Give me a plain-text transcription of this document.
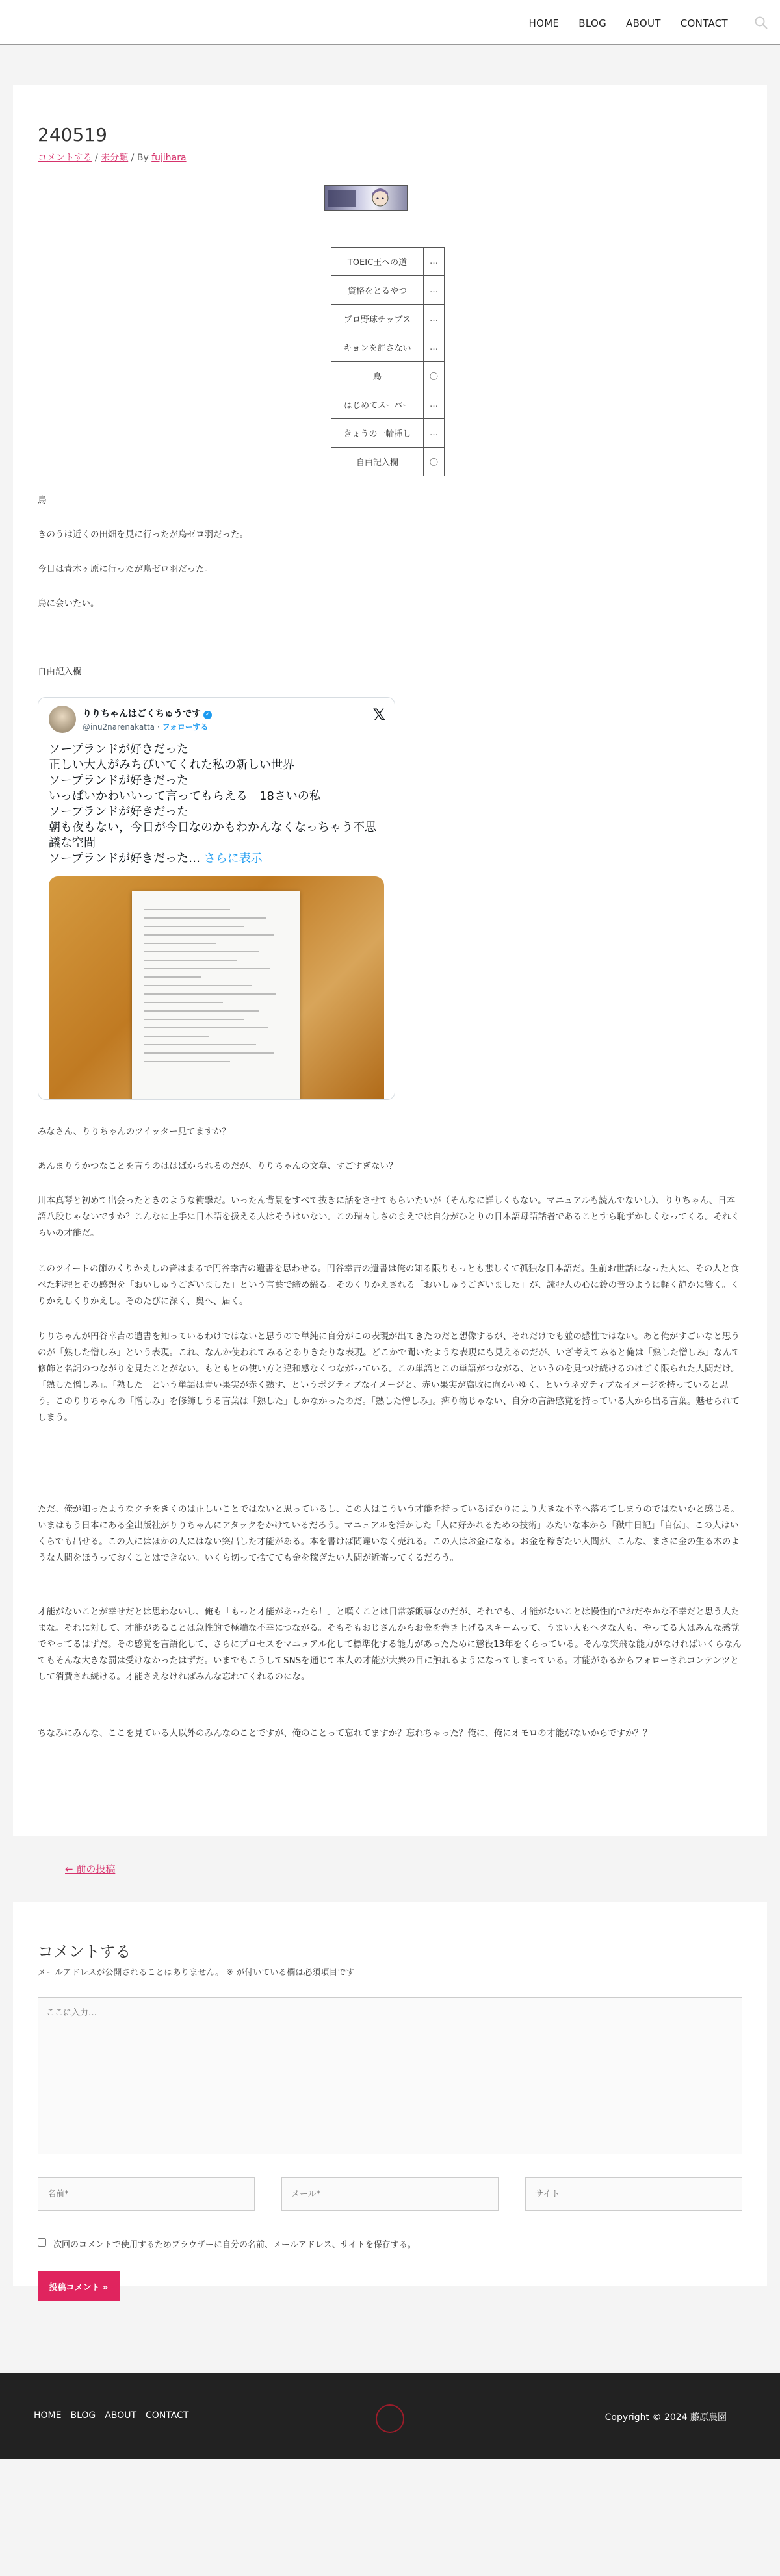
HOME BLOG ABOUT CONTACT
240519
コメントする / 未分類 / By fujihara
TOEIC王への道	…
資格をとるやつ	…
プロ野球チップス	…
キョンを許さない	…
鳥	〇
はじめてスーパー	…
きょうの一輪挿し	…
自由記入欄	〇

鳥

きのうは近くの田畑を見に行ったが鳥ゼロ羽だった。

今日は青木ヶ原に行ったが鳥ゼロ羽だった。

鳥に会いたい。

自由記入欄

りりちゃんはごくちゅうです ✓
@inu2narenakatta · フォローする
𝕏

ソープランドが好きだった

正しい大人がみちびいてくれた私の新しい世界

ソープランドが好きだった

いっぱいかわいいって言ってもらえる　18さいの私

ソープランドが好きだった

朝も夜もない，今日が今日なのかもわかんなくなっちゃう不思議な空間

ソープランドが好きだった… さらに表示

みなさん、りりちゃんのツイッター見てますか？

あんまりうかつなことを言うのははばかられるのだが、りりちゃんの文章、すごすぎない？

川本真琴と初めて出会ったときのような衝撃だ。いったん背景をすべて抜きに話をさせてもらいたいが（そんなに詳しくもない。マニュアルも読んでないし）、りりちゃん、日本語八段じゃないですか？こんなに上手に日本語を扱える人はそうはいない。この瑞々しさのまえでは自分がひとりの日本語母語話者であることすら恥ずかしくなってくる。それくらいの才能だ。

このツイートの節のくりかえしの音はまるで円谷幸吉の遺書を思わせる。円谷幸吉の遺書は俺の知る限りもっとも悲しくて孤独な日本語だ。生前お世話になった人に、その人と食べた料理とその感想を「おいしゅうございました」という言葉で締め縊る。そのくりかえされる「おいしゅうございました」が、読む人の心に鈴の音のように軽く静かに響く。くりかえしくりかえし。そのたびに深く、奥へ、届く。

りりちゃんが円谷幸吉の遺書を知っているわけではないと思うので単純に自分がこの表現が出てきたのだと想像するが、それだけでも並の感性ではない。あと俺がすごいなと思うのが「熟した憎しみ」という表現。これ、なんか使われてみるとありきたりな表現。どこかで聞いたような表現にも見えるのだが、いざ考えてみると俺は「熟した憎しみ」なんて修飾と名詞のつながりを見たことがない。もともとの使い方と違和感なくつながっている。この単語とこの単語がつながる、というのを見つけ続けるのはごく限られた人間だけ。「熟した憎しみ」。「熟した」という単語は青い果実が赤く熟す、というポジティブなイメージと、赤い果実が腐敗に向かいゆく、というネガティブなイメージを持っていると思う。このりりちゃんの「憎しみ」を修飾しうる言葉は「熟した」しかなかったのだ。「熟した憎しみ」。痺り物じゃない、自分の言語感覚を持っている人から出る言葉。魅せられてしまう。

ただ、俺が知ったようなクチをきくのは正しいことではないと思っているし、この人はこういう才能を持っているばかりにより大きな不幸へ落ちてしまうのではないかと感じる。いまはもう日本にある全出版社がりりちゃんにアタックをかけているだろう。マニュアルを活かした「人に好かれるための技術」みたいな本から「獄中日記」「自伝」、この人はいくらでも出せる。この人にはほかの人にはない突出した才能がある。本を書けば間違いなく売れる。この人はお金になる。お金を稼ぎたい人間が、こんな、まさに金の生る木のような人間をほうっておくことはできない。いくら切って捨てても金を稼ぎたい人間が近寄ってくるだろう。

才能がないことが幸せだとは思わないし、俺も「もっと才能があったら！」と嘆くことは日常茶飯事なのだが、それでも、才能がないことは慢性的でおだやかな不幸だと思う人たまな。それに対して、才能があることは急性的で極端な不幸につながる。そもそもおじさんからお金を巻き上げるスキームって、うまい人もヘタな人も、やってる人はみんな感覚でやってるはずだ。その感覚を言語化して、さらにプロセスをマニュアル化して標準化する能力があったために懲役13年をくらっている。そんな突飛な能力がなければいくらなんてもそんな大きな罰は受けなかったはずだ。いまでもこうしてSNSを通じて本人の才能が大衆の目に触れるようになってしまっている。才能があるからフォローされコンテンツとして消費され続ける。才能さえなければみんな忘れてくれるのにな。

ちなみにみんな、ここを見ている人以外のみんなのことですが、俺のことって忘れてますか？忘れちゃった？俺に、俺にオモロの才能がないからですか？？

← 前の投稿
コメントする

メールアドレスが公開されることはありません。 ※ が付いている欄は必須項目です

ここに入力…
名前*
メール*
サイト
次回のコメントで使用するためブラウザーに自分の名前、メールアドレス、サイトを保存する。
投稿コメント »
HOME BLOG ABOUT CONTACT	Copyright © 2024 藤原農園
